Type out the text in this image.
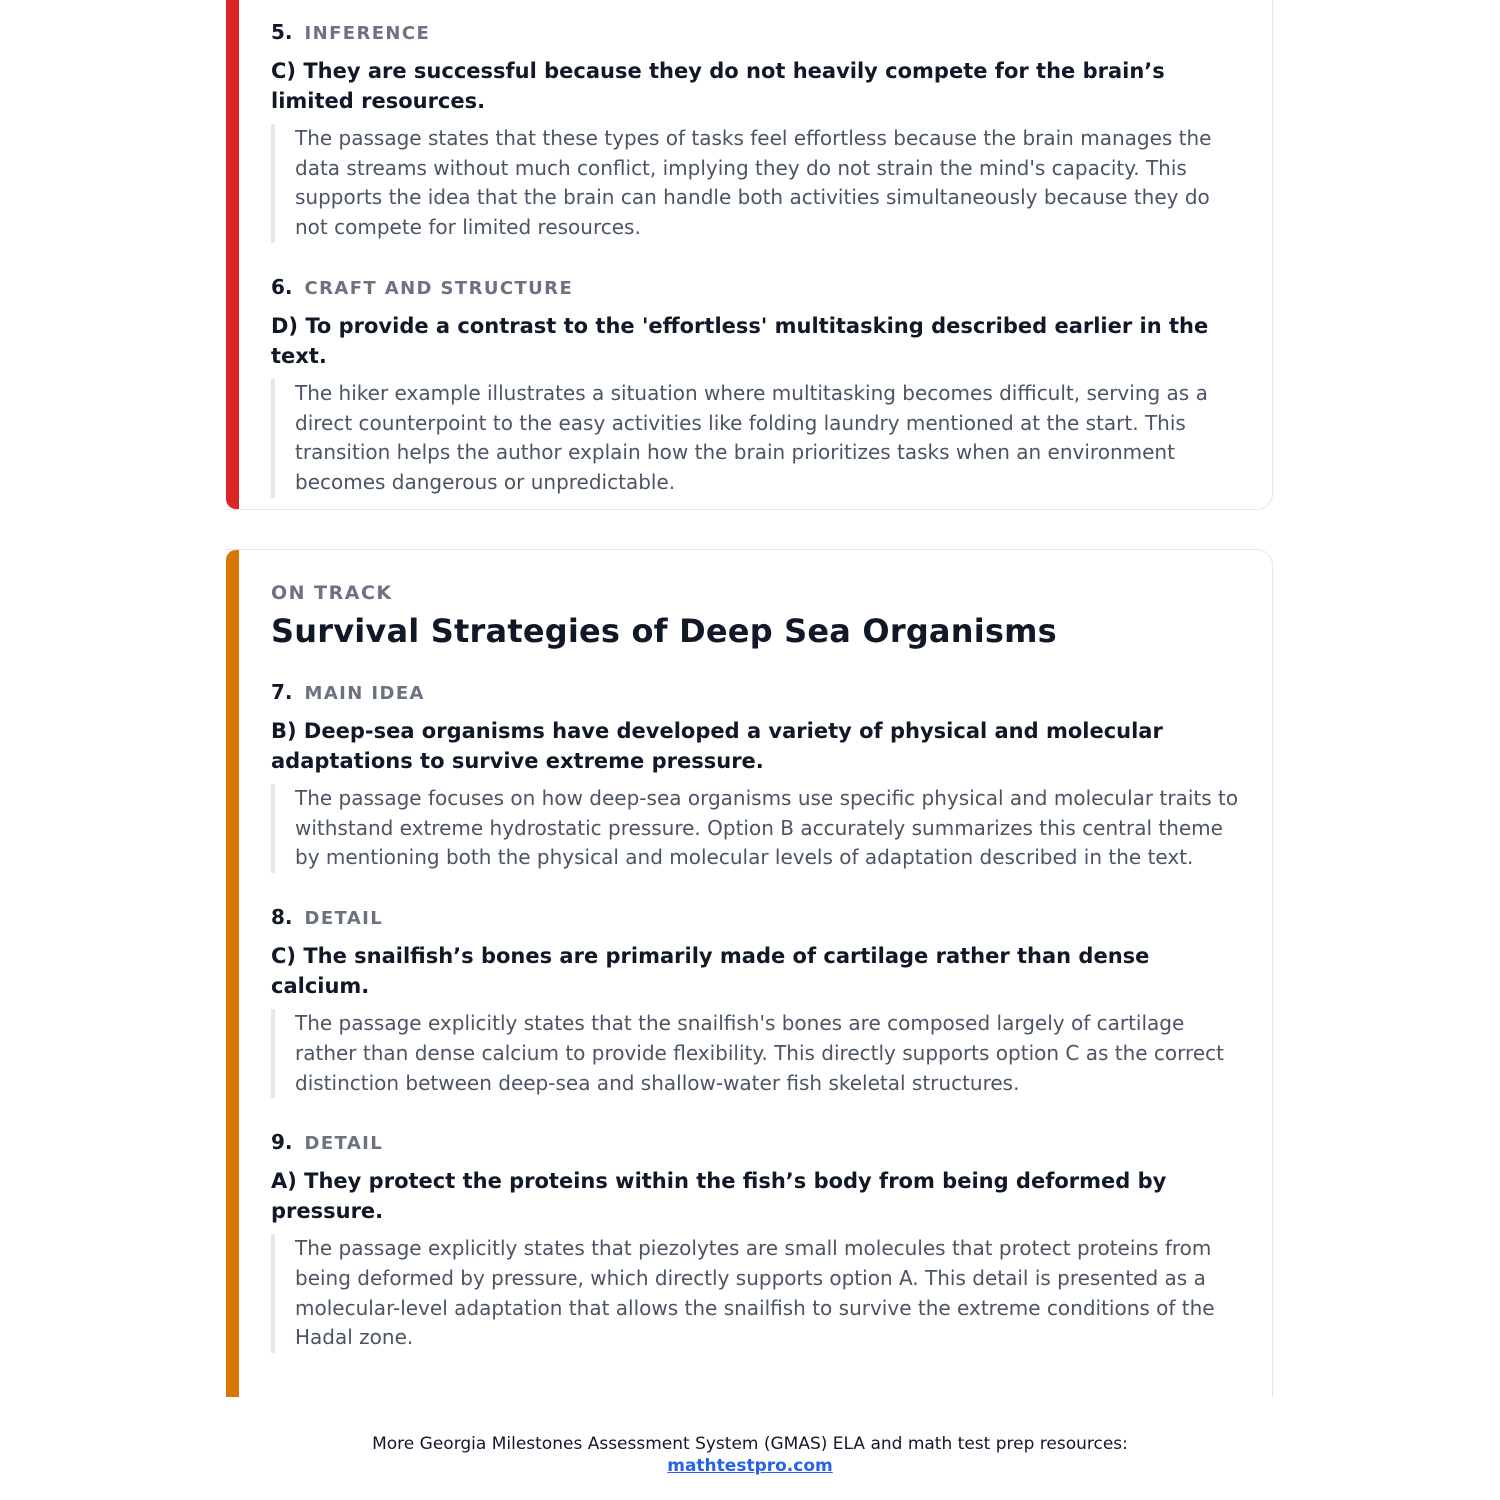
5. INFERENCE

C) They are successful because they do not heavily compete for the brain’s limited resources.

The passage states that these types of tasks feel effortless because the brain manages the data streams without much conflict, implying they do not strain the mind's capacity. This supports the idea that the brain can handle both activities simultaneously because they do not compete for limited resources.
6. CRAFT AND STRUCTURE

D) To provide a contrast to the 'effortless' multitasking described earlier in the text.

The hiker example illustrates a situation where multitasking becomes difficult, serving as a direct counterpoint to the easy activities like folding laundry mentioned at the start. This transition helps the author explain how the brain prioritizes tasks when an environment becomes dangerous or unpredictable.

ON TRACK

Survival Strategies of Deep Sea Organisms
7. MAIN IDEA

B) Deep-sea organisms have developed a variety of physical and molecular adaptations to survive extreme pressure.

The passage focuses on how deep-sea organisms use specific physical and molecular traits to withstand extreme hydrostatic pressure. Option B accurately summarizes this central theme by mentioning both the physical and molecular levels of adaptation described in the text.
8. DETAIL

C) The snailfish’s bones are primarily made of cartilage rather than dense calcium.

The passage explicitly states that the snailfish's bones are composed largely of cartilage rather than dense calcium to provide flexibility. This directly supports option C as the correct distinction between deep-sea and shallow-water fish skeletal structures.
9. DETAIL

A) They protect the proteins within the fish’s body from being deformed by pressure.

The passage explicitly states that piezolytes are small molecules that protect proteins from being deformed by pressure, which directly supports option A. This detail is presented as a molecular-level adaptation that allows the snailfish to survive the extreme conditions of the Hadal zone.
More Georgia Milestones Assessment System (GMAS) ELA and math test prep resources:
mathtestpro.com
